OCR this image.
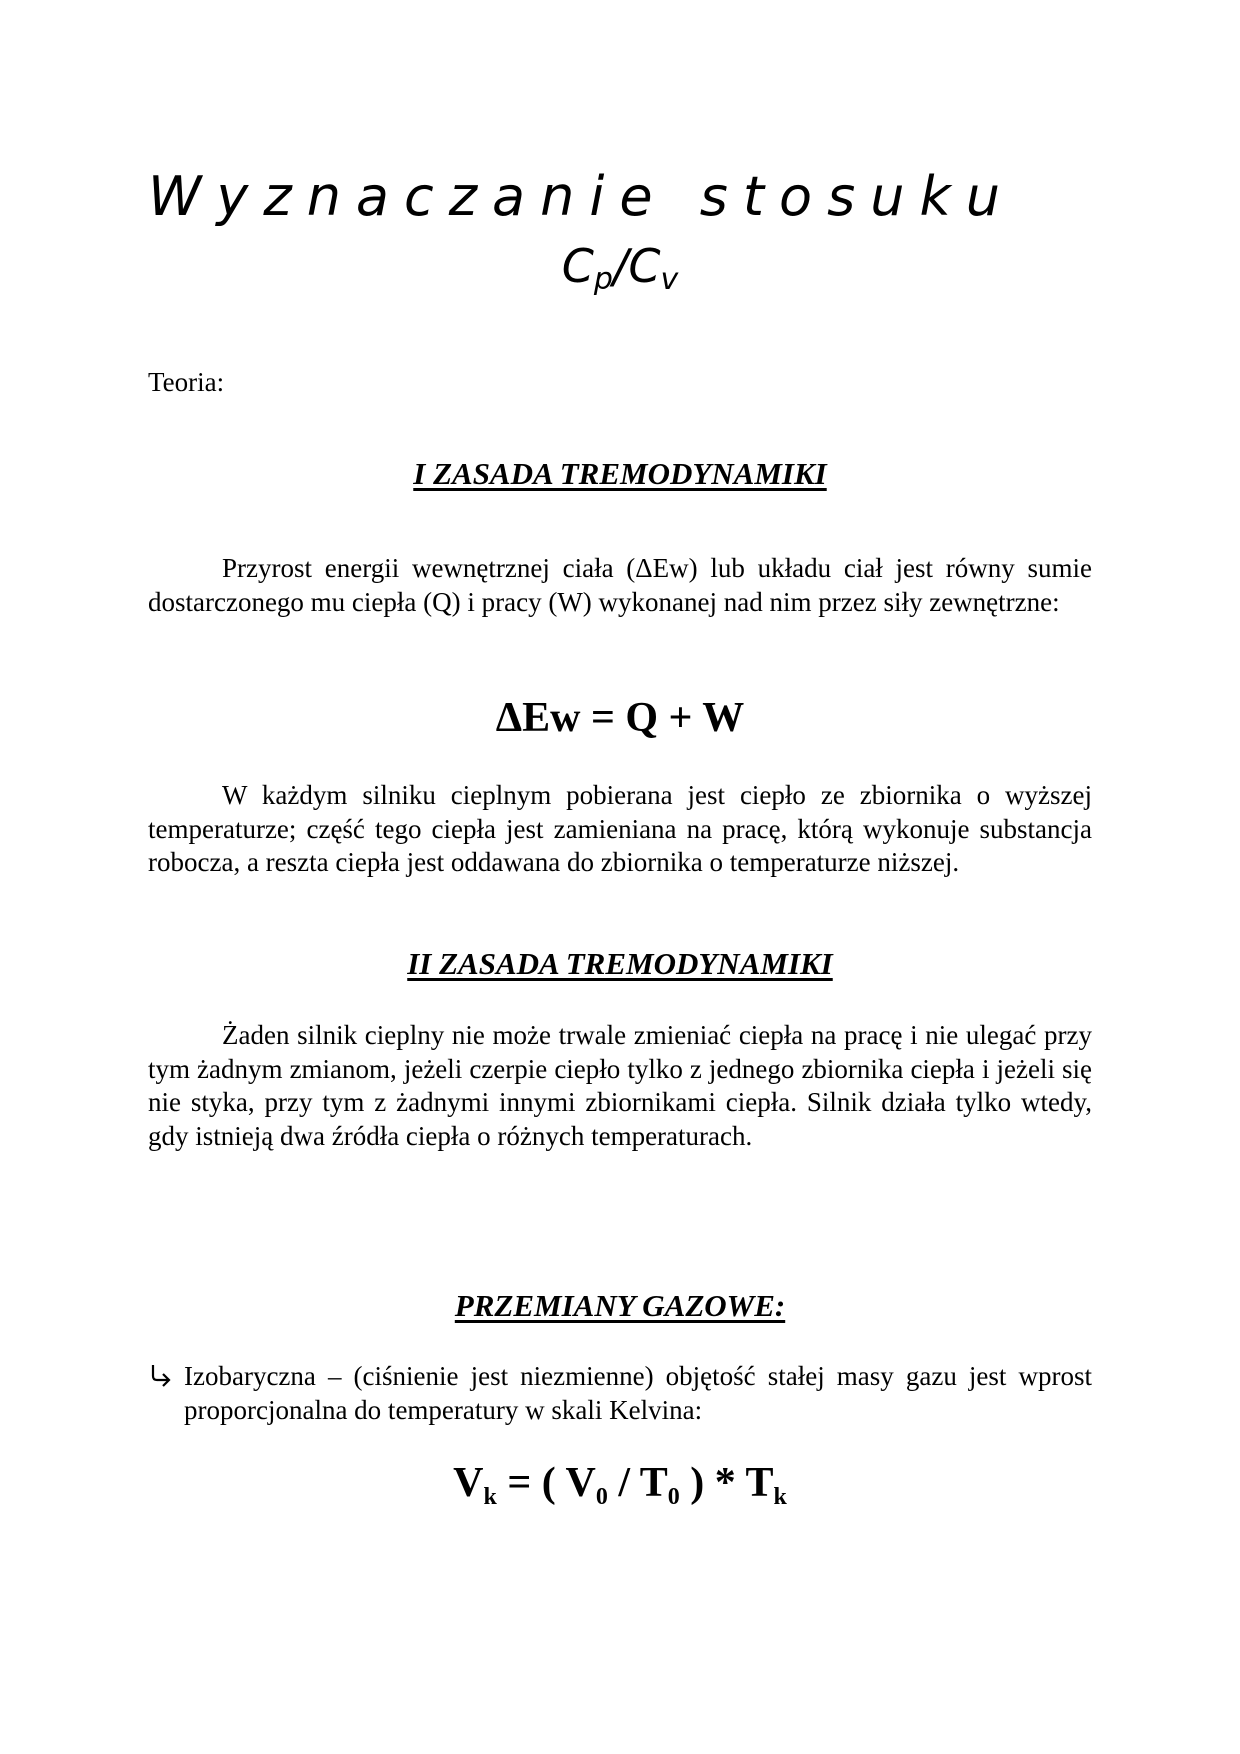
Wyznaczanie stosuku
$C_p/C_v$
Teoria:
I ZASADA TREMODYNAMIKI

Przyrost energii wewnętrznej ciała (ΔEw) lub układu ciał jest równy sumie dostarczonego mu ciepła (Q) i pracy (W) wykonanej nad nim przez siły zewnętrzne:

ΔEw = Q + W

W każdym silniku cieplnym pobierana jest ciepło ze zbiornika o wyższej temperaturze; część tego ciepła jest zamieniana na pracę, którą wykonuje substancja robocza, a reszta ciepła jest oddawana do zbiornika o temperaturze niższej.

II ZASADA TREMODYNAMIKI

Żaden silnik cieplny nie może trwale zmieniać ciepła na pracę i nie ulegać przy tym żadnym zmianom, jeżeli czerpie ciepło tylko z jednego zbiornika ciepła i jeżeli się nie styka, przy tym z żadnymi innymi zbiornikami ciepła. Silnik działa tylko wtedy, gdy istnieją dwa źródła ciepła o różnych temperaturach.

PRZEMIANY GAZOWE:

Izobaryczna – (ciśnienie jest niezmienne) objętość stałej masy gazu jest wprost proporcjonalna do temperatury w skali Kelvina:

$V_k$ = ( $V_0 / T_0$ ) * $T_k$
